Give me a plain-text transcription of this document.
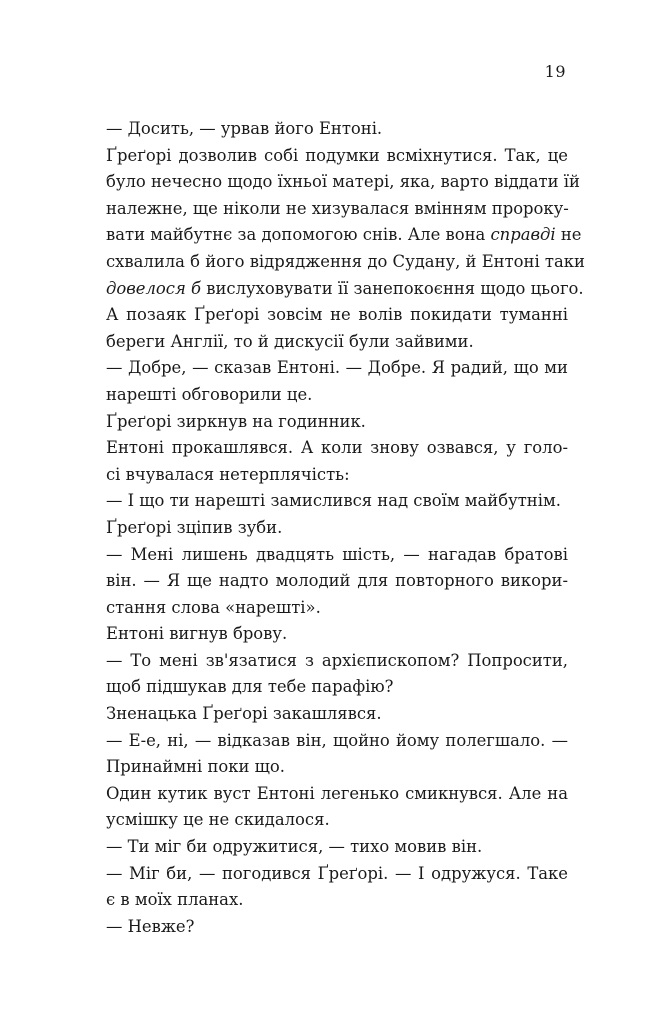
19
— Досить, — урвав його Ентоні.
Ґреґорі дозволив собі подумки всміхнутися. Так, це
було нечесно щодо їхньої матері, яка, варто віддати їй
належне, ще ніколи не хизувалася вмінням пророку-
вати майбутнє за допомогою снів. Але вона справді не
схвалила б його відрядження до Судану, й Ентоні таки
довелося б вислуховувати її занепокоєння щодо цього.
А позаяк Ґреґорі зовсім не волів покидати туманні
береги Англії, то й дискусії були зайвими.
— Добре, — сказав Ентоні. — Добре. Я радий, що ми
нарешті обговорили це.
Ґреґорі зиркнув на годинник.
Ентоні прокашлявся. А коли знову озвався, у голо-
сі вчувалася нетерплячість:
— І що ти нарешті замислився над своїм майбутнім.
Ґреґорі зціпив зуби.
— Мені лишень двадцять шість, — нагадав братові
він. — Я ще надто молодий для повторного викори-
стання слова «нарешті».
Ентоні вигнув брову.
— То мені зв'язатися з архієпископом? Попросити,
щоб підшукав для тебе парафію?
Зненацька Ґреґорі закашлявся.
— Е-е, ні, — відказав він, щойно йому полегшало. —
Принаймні поки що.
Один кутик вуст Ентоні легенько смикнувся. Але на
усмішку це не скидалося.
— Ти міг би одружитися, — тихо мовив він.
— Міг би, — погодився Ґреґорі. — І одружуся. Таке
є в моїх планах.
— Невже?
